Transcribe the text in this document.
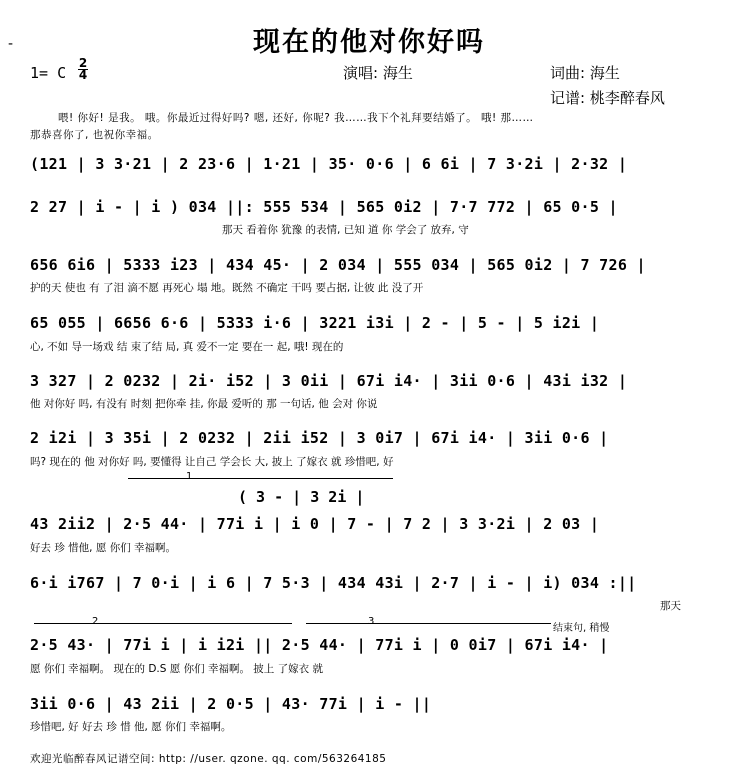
-	现在的他对你好吗
1= C
2
4	演唱: 海生	词曲: 海生
记谱: 桃李醉春风
喂! 你好! 是我。 哦。你最近过得好吗? 嗯, 还好, 你呢? 我……我下个礼拜要结婚了。 哦! 那……
那恭喜你了, 也祝你幸福。
(121 | 3 3·21 | 2 23·6 | 1·21 | 35· 0·6 | 6 6i | 7 3·2i | 2·32 |
2 27 | i - | i ) 034 ||: 555 534 | 565 0i2 | 7·7 772 | 65 0·5 |
那天 看着你 犹豫 的表情, 已知 道 你 学会了 放弃, 守
656 6i6 | 5333 i23 | 434 45· | 2 034 | 555 034 | 565 0i2 | 7 726 |
护的天 使也 有 了泪 滴不愿 再死心 塌 地。既然 不确定 干吗 要占据, 让彼 此 没了开
65 055 | 6656 6·6 | 5333 i·6 | 3221 i3i | 2 - | 5 - | 5 i2i |
心, 不如 导一场戏 结 束了结 局, 真 爱不一定 要在一 起, 哦! 现在的
3 327 | 2 0232 | 2i· i52 | 3 0ii | 67i i4· | 3ii 0·6 | 43i i32 |
他 对你好 吗, 有没有 时刻 把你牵 挂, 你最 爱听的 那 一句话, 他 会对 你说
2 i2i | 3 35i | 2 0232 | 2ii i52 | 3 0i7 | 67i i4· | 3ii 0·6 |
吗? 现在的 他 对你好 吗, 要懂得 让自己 学会长 大, 披上 了嫁衣 就 珍惜吧, 好
1
( 3 - | 3 2i |
43 2ii2 | 2·5 44· | 77i i | i 0 | 7 - | 7 2 | 3 3·2i | 2 03 |
好去 珍 惜他, 愿 你们 幸福啊。
6·i i767 | 7 0·i | i 6 | 7 5·3 | 434 43i | 2·7 | i - | i) 034 :||
那天
2	3
结束句, 稍慢
2·5 43· | 77i i | i i2i || 2·5 44· | 77i i | 0 0i7 | 67i i4· |
愿 你们 幸福啊。 现在的 D.S 愿 你们 幸福啊。 披上 了嫁衣 就
3ii 0·6 | 43 2ii | 2 0·5 | 43· 77i | i - ||
珍惜吧, 好 好去 珍 惜 他, 愿 你们 幸福啊。
欢迎光临醉春风记谱空间: http: //user. qzone. qq. com/563264185
